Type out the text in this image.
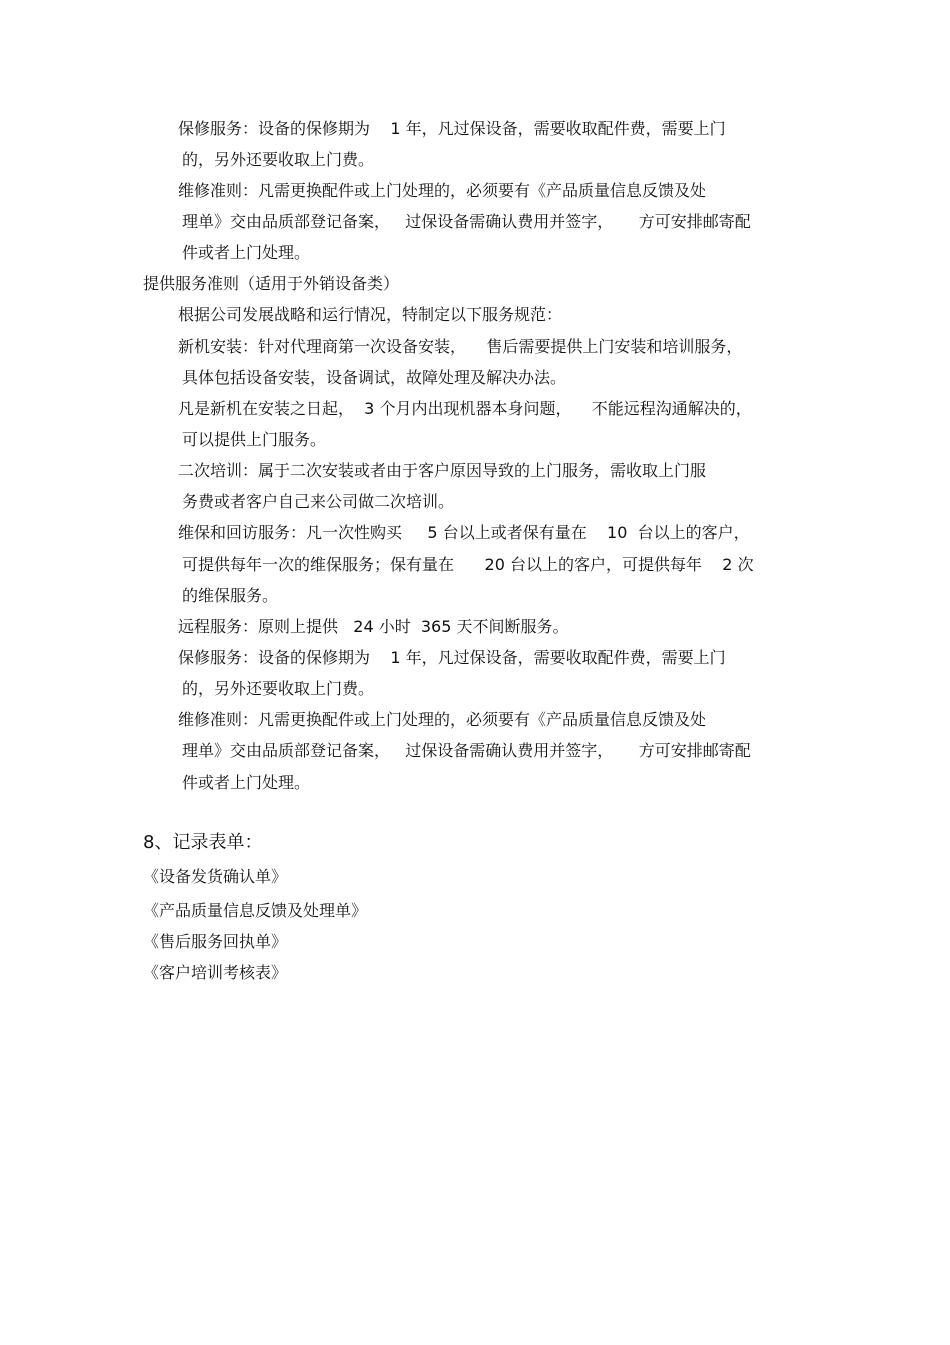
保修服务：设备的保修期为    1 年，凡过保设备，需要收取配件费，需要上门

的，另外还要收取上门费。

维修准则：凡需更换配件或上门处理的，必须要有《产品质量信息反馈及处

理单》交由品质部登记备案，   过保设备需确认费用并签字，     方可安排邮寄配

件或者上门处理。

提供服务准则（适用于外销设备类）

根据公司发展战略和运行情况，特制定以下服务规范：

新机安装：针对代理商第一次设备安装，    售后需要提供上门安装和培训服务，

具体包括设备安装，设备调试，故障处理及解决办法。

凡是新机在安装之日起，  3 个月内出现机器本身问题，    不能远程沟通解决的，

可以提供上门服务。

二次培训：属于二次安装或者由于客户原因导致的上门服务，需收取上门服

务费或者客户自己来公司做二次培训。

维保和回访服务：凡一次性购买     5 台以上或者保有量在    10  台以上的客户，

可提供每年一次的维保服务；保有量在      20 台以上的客户，可提供每年    2 次

的维保服务。

远程服务：原则上提供   24 小时  365 天不间断服务。

保修服务：设备的保修期为    1 年，凡过保设备，需要收取配件费，需要上门

的，另外还要收取上门费。

维修准则：凡需更换配件或上门处理的，必须要有《产品质量信息反馈及处

理单》交由品质部登记备案，   过保设备需确认费用并签字，     方可安排邮寄配

件或者上门处理。

8、记录表单：

《设备发货确认单》

《产品质量信息反馈及处理单》

《售后服务回执单》

《客户培训考核表》
